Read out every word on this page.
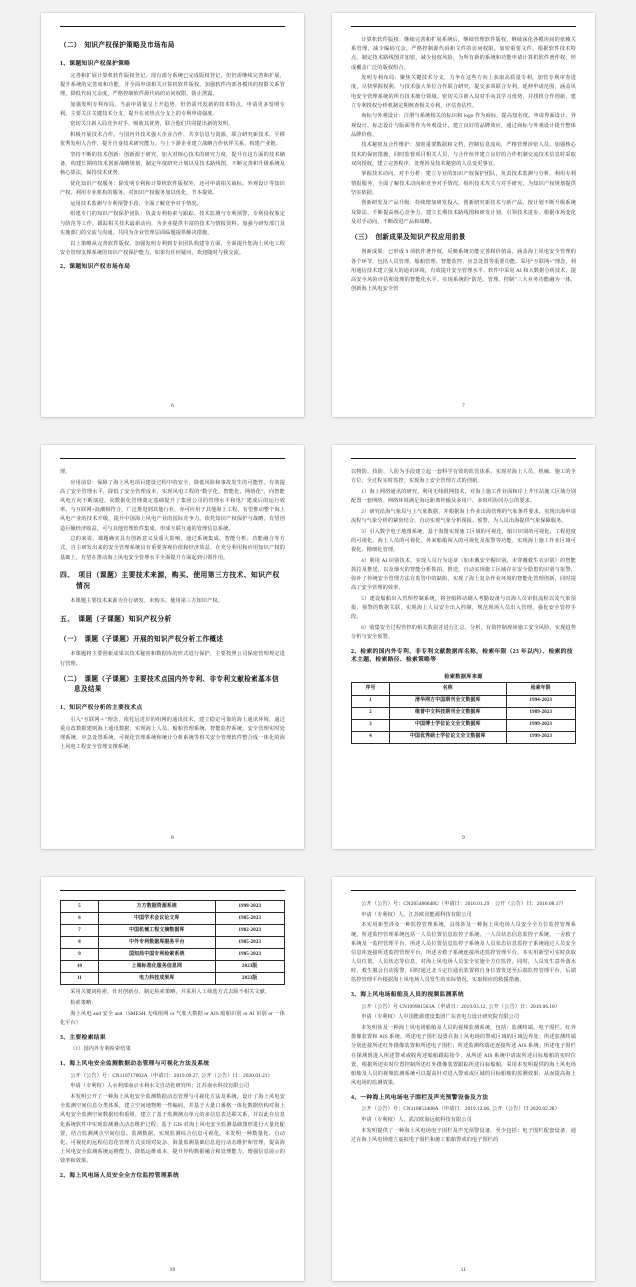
（二）　知识产权保护策略及市场布局
1、课题知识产权保护策略

完善和扩展计算机软件版权登记。现有部分系统已完成版权登记，但仍需继续完善和扩展，提升系统的完善度和功能，并全面申请相关计算机软件版权。加强软件内部各模块的权限关系管理，降低代码冗余度，严格控制软件源代码的访问权限，防止泄露。

加强发明专利布局。当前申请量呈上升趋势，但仍需开发新的技术特点，申请更多发明专利。主要关注关键技术分支，提升在该热点分支上的专利申请强度。

密切关注新入局竞争对手，吸收其优势，联合他们共同提出新的发明。

积极开展技术合作。与国内外技术强大企业合作，共享信息与资源，联合研究新技术。平移优秀发明人合作，提升自身技术研究能力。与上下游企业建立战略合作伙伴关系，构建产业链。

坚持不断的技术创新：创新源于研究，加大对核心技术的研究力度，提升在这方面的技术储备。构建长期的技术创新战略规划，制定年度研究计划以及技术路线图，不断完善和升级系统及核心算法，保持技术优势。

优化知识产权服务：除发明专利和计算机软件版权外，还可申请相关商标、外观设计等知识产权。利用专业机构的服务，对知识产权服务加以优化，节本提效。

运用技术监测与专利预警手段，全面了解竞争对手情况。

组建专门的知识产权保护团队：负责专利检索与跟踪、技术监测与专利预警、专利侵权鉴定与防范等工作，跟踪相关技术最新动向，为企业提供丰富的技术与情报资料。加强与研发部门及实施部门的交流与沟通，共同为企业管理层面临题提供解决措施。

以上策略从完善软件版权、加强发明专利到专业团队构建等方面，全面提升您海上风电工程安全管理支撑系统的知识产权保护能力。如果有任何疑问，欢迎随时与我交流。

2、课题知识产权市场布局
6

计算机软件版权：继续完善和扩展系统后，继续管理软件版权，继续深化各模块间的依赖关系管理，减少编码冗余。严格控制源代码和文件的访问权限，加密重要文件。根据软件技术特点，制定技术路线图并加密，减少侵权风险，为所有新的系统和功能申请计算机软件著作权，形成覆盖广泛的版权组合。

发明专利布局：聚焦关键技术分支，力争在这些方向上获取高质量专利。加管专利审查进度，尽快掌握权利。与技术强大单位合作联合研究，提交多项联合专利。延伸申请范围，涵盖风电安全管理系统的所有技术细分领域。密切关注新入局对手向其学习优势，并找机合作创新，建立专利授权分析机制定期核查相关专利，评估查估性。

商标与外观设计：注册与系统相关的标识和 logo 作为商标，提高知名度。申请界面设计、外观设计、标志设计与版面等作为外观设计，建立良好的品牌效应，通过商标与外观设计提升整体品牌价值。

技术秘密及合作维护：加密重要数据和文档，控制信息流向，严格管理涉密人员。加强核心技术的保密措施，同时监督项目相关人员，与合作伙伴建立良好的合作机制交流技术信息时采取双向授权，建立完善程序，处理涉及技术秘密的人员变更事宜。

掌握技术动向、对手分析：建立专业的知识产权保护团队，负责技术监测与分析。利用专利情报服务，全面了解技术动向和竞争对手情况。组织技术攻关与对手研究，为知识产权规划提供坚实依据。

创新研发及产品升级：持续增加研发投入，创新研究新技术与新产品。按计划不断升级系统及算法，不断提高核心竞争力。建立长期技术路线图和研发计划，引领技术进步。根据市场变化及对手动向，不断改进产品和战略。

（三）　创新成果及知识产权应用前景

创新成果：已形成 9 项软件著作权，反映系统功能完善和价值高。涵盖海上风电安全管理的各个环节，包括人员管理、船舶管理、智能监控、应急处置等重要功能。采用“互联网+”理念，利用通信技术建立强大的通讯环境，有效提升安全管理水平。软件中采用 AI 和大数据分析技术，提高安全风险评估和处理的智能化水平。实现系统的“防范、管理、控制”三大业务功能融为一体，创新海上风电安全管

7

理。

应用前景：保障了海上风电项目建设过程中的安全，降低风险和事故发生的可能性。有效提高了安全管理水平，降低了安全管理成本，实现风电工程的“数字化、智能化、网络化”，向智能风电方向不断演进。向数据化管理奠定基础提升了集团公司的管理水平和电厂建成后的运行效率。与互联网+浪潮相符合，广泛推进到其他行业，亦可应用于其他海上工程。有望推动整个海上风电产业的技术升级，提升中国海上风电产业的国际竞争力。依托知识产权保护与战略，有望创造巨额经济收益，可与其他管理软件集成，形成互联互通的管理信息系统。

总的来说，课题确实具有创新意义及重大影响。通过系统集成、智能分析、功能融合等方式，自主研发出来的安全管理系统具有重要客观价值和经济效益。在充分利用和应用知识产权的基础上，有望在推动海上风电安全管理水平全面提升方面起到引领作用。

四、　项目（课题）主要技术来源，购买、使用第三方技术、知识产权情况

本课题主要技术来源为自行研发，未购买、使用第三方知识产权。

五、　课题（子课题）知识产权分析
（一）　课题（子课题）开展的知识产权分析工作概述

本课题将主要创新成果以技术秘密和数据库的形式进行保护，主要按照公司保密管理规定进行管理。

（二）　课题（子课题）主要技术点国内外专利、非专利文献检索基本信息及结果
1、知识产权分析的主要技术点

引入“互联网＋”理念，依托远近岸的组网的通讯技术，建立稳定可靠的海上通讯环境，通过重点改数据建则海上通讯数据，实现海上人员、船舶管理系统、智能监控系统、安全管理实时处理系统、应急处置系统、可视化管理系统和统计分析系统等相关安全管理软件整合成一体化的海上风电工程安全管理支撑系统；

8

以物防、技防、人防为手段建立起一套科学有效的监管体系，实现对海上人员、机械、施工的全方位、全过程实时监控，实现海上安全管理方式的创新。

1）海上网络通讯的研究。利用无线组网技术，对海上施工作业面和岸上升压站施工区域分别配置一套网络。网络环境满足海远距离传输及多用户、多组织协同办公的要求。

2）研究沿海气象局与上气象数据，并根据海上作业出海管理的气象条件要求。实现出海申请流程与气象分析的紧密结合，自动实现气象分析预报、预警，为人员出海提供气象保障服务。

3）引入数字电子地图系统，基于海图实现施工区域的可视化，船只识别的可视化、工程进度的可视化、海上人员的可视化、外来船舶闯入的可视化及报警等功能，实现海上施工作业区域可视化、精细化管理。

4）利用 AI 识别技术，实现人员行为违章（如未戴安全帽识别、未穿戴救生衣识别）的智能抓拉及推送，以及烟火的智能分析抓拍、推送，自动实现施工区域存在安全隐患的识别与报警，弥补了传统安全管理方法在监管中的缺陷，实现了海上复杂作业环境的智能化管理创新，同时提高了安全管理的效率。

5）建设船舶出入管理控制系统，将登船移动刷入考勤设备与出海人员审批流程以及气象预报、预警的数据关联，实现海上人员安全出入控制，规范现场人员出入管理，强化安全管控手段。

6）收集安全过程管控的相关数据并进行汇总、分析，有效控制现场施工安全风险，实现趋势分析与安全预警。

2、检索的国内外专利、非专利文献数据库名称，检索年限（23 年以内）、检索的技术主题、检索路径、检索策略等
检索数据库来源
序号	名称	检索年限
1	清华网方中国期刊全文数据库	1994-2023
2	维普中文科技期刊全文数据库	1989-2023
3	中国博士学位论文全文数据库	1999-2023
4	中国优秀硕士学位论文全文数据库	1999-2023
9
5	万方数据资源系统	1998-2023
6	中国学术会议论文库	1985-2023
7	中国机械工程文摘数据库	1982-2023
8	中外专利数据库服务平台	1985-2023
9	国知局中国专利检索系统	1985-2023
10	上海标准化服务信息网	2023版
11	电力科技成果库	2023版

采用关键词检索，针对创新点，制定检索策略，并采用人工筛选方式去除不相关文献。

检索策略：

海上风电 and 安全 and（SMESH 无线组网 or 气象大数据 or AIS 船舶识别 or AI 识别 or 一体化平台）

3、主要检索结果

（1）国内外专利检索结果

1、海上风电安全监测数据动态管理与可视化方法及系统

公开（公告）号：CN110717002A（申请日：2019.09.27, 公开（公告）日：2020.01.21）

申请（专利权）人水利部南京水利水文自动化研究所；江苏南水科技有限公司

本发明公开了一种海上风电安全监测数据动态管理与可视化方法及系统。设计了海上风电安全监测空间信息分类体系，建立空间地物唯一性编码，并基于大量口番格一体化数据结构对海上风电安全监测空间数据结构重组，建立了基于监测测点单元的多信息表达联关系，并以此在信息化系统软件中实现监测测点动态维护过程；基于 GIS 对海上风电安全监测基础图形进行大量化配置，结合监测测点空间信息、监测数据，实现监测综合信息可视化。本发明一种数量化、自动化、可视化的远程信息化管理方式实现对复杂、海量监测基础信息进行动态维护和管理，提高海上风电安全监测系统运维能力，降低运维成本，提升异构数据融合和处理能力，增强信息展示的效率和效果。

2、海上风电场人员安全全方位监控管理系统
10

公开（公告）号：CN205486648U（申请日：2016.01.29　公开（公告）日：2016.08.17）

申请（专利权）人、江苏欧讯能源科技有限公司

本实用新型涉及一种监控管理系统，具体涉及一种海上风电场人员安全全方位监控管理系统。所述监控管理系统包括一人员位置信息监控子系统、一人员状态信息监控子系统、一舍救子系统及一监控管理平台，所述人员位置信息监控子系统及人员状态信息监控子系统通过人员安全信息库连接所述监控管理平台，所述舍救子系统连接所述监控管理平台。本实用新型可实时获取人员位置、人员状态等信息，对海上风电场人员安全实施全方位监控。同时，人员发生意外落水时，救生服会自动报警，同时通过北斗定位通讯装置将自身位置发送至后端监控管理平台，后端监控管理平台根据海上风电场人员发生的实际情况，实取相应的救援措施。

3、海上风电场船舶及人员的视频监测系统

公开（公告）号 CN109901563A（申请日：2019.03.12, 公开（公告）日：2019.06.18）

申请（专利权）人中国能源建设集团广东省电力设计研究院有限公司

本发明涉及一种海上风电场船舶及人员的视频监测系统，包括：监测终端、电子围栏、红外摄像装置和 AIS 系统。所述电子围栏设置在海上风电场的警戒区域的区域边界处；所述监测终端分别连接所述红外摄像装置和所述电子围栏；所述监测终端还连接所述 AIS 系统；所述电子围栏在探测到进入所述警戒或收所述船舶跟踪指令，从所述 AIS 系统中请取所述目标船舶的实时位置，根据所述实时位置控制所述红外摄像装置跟踪所述目标船舶。采用本发明提供的海上风电场船舶及人员的视频监测系统可以提高针对进入警戒或区域的目标船舶的监测效果，从而提高海上风电场的监测效果。

4、一种海上风电场电子围栏及声光预警设备及方法

公开（公告）号：CN110853408A（申请日：2019.12.06, 公开（公告）日 2020.02.28）

申请（专利权）人、武汉欧海远航科技有限公司

本发明提供了一种海上风电场电子围栏及声光预警设备，至少包括：电子围栏配套设备，通过在海上风电场建立虚拟电子围栏和施工船舶警戒的电子围栏的

11
